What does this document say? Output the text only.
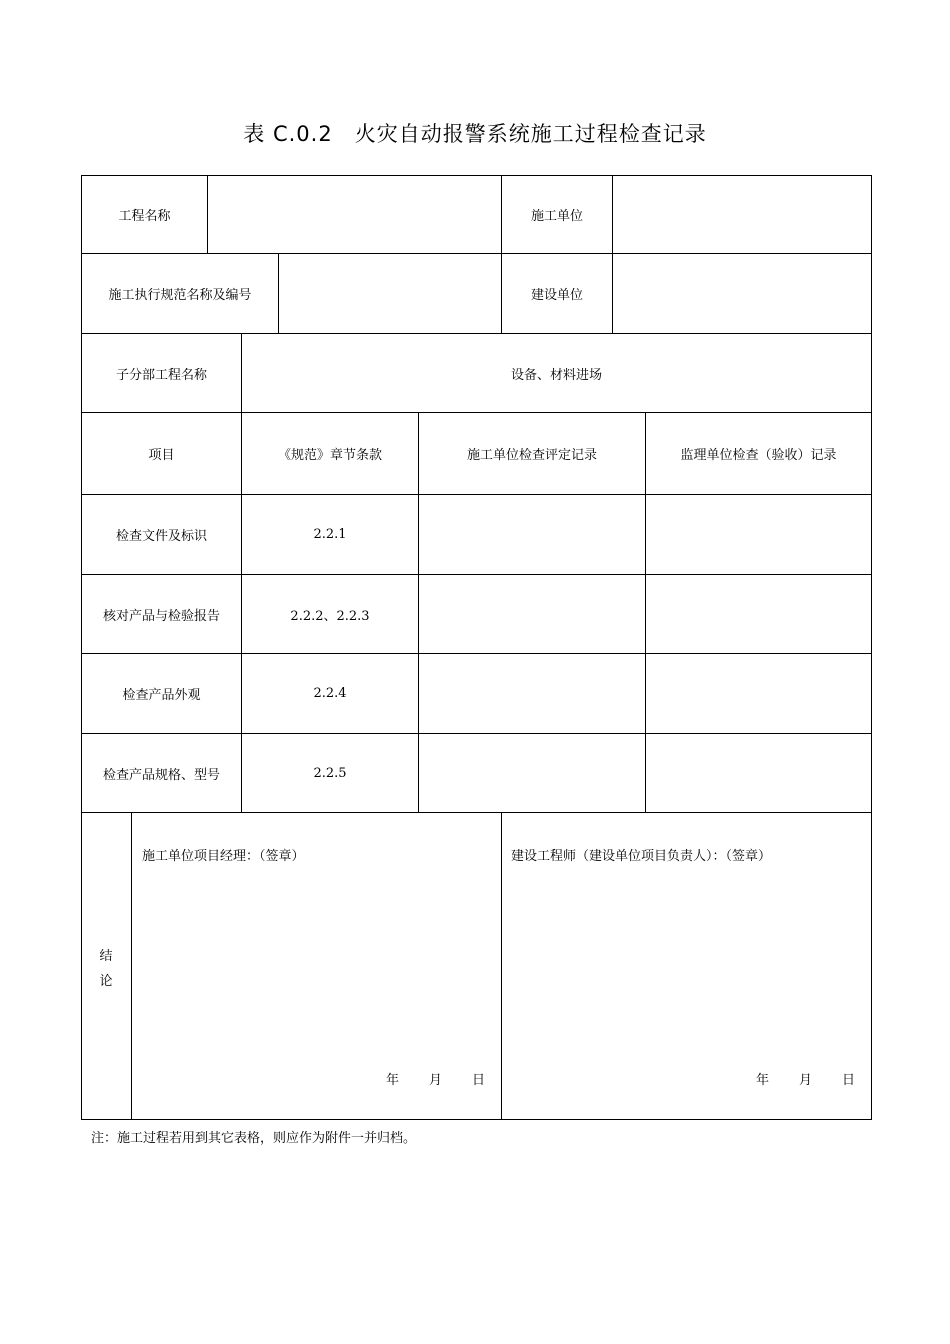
表 C.0.2 火灾自动报警系统施工过程检查记录
工程名称	施工单位
施工执行规范名称及编号	建设单位
子分部工程名称	设备、材料进场
项目	《规范》章节条款	施工单位检查评定记录	监理单位检查（验收）记录
检查文件及标识	2.2.1
核对产品与检验报告	2.2.2、2.2.3
检查产品外观	2.2.4
检查产品规格、型号	2.2.5
结
论
施工单位项目经理：（签章）	建设工程师（建设单位项目负责人）：（签章）
年 月 日	年 月 日
注：施工过程若用到其它表格，则应作为附件一并归档。
